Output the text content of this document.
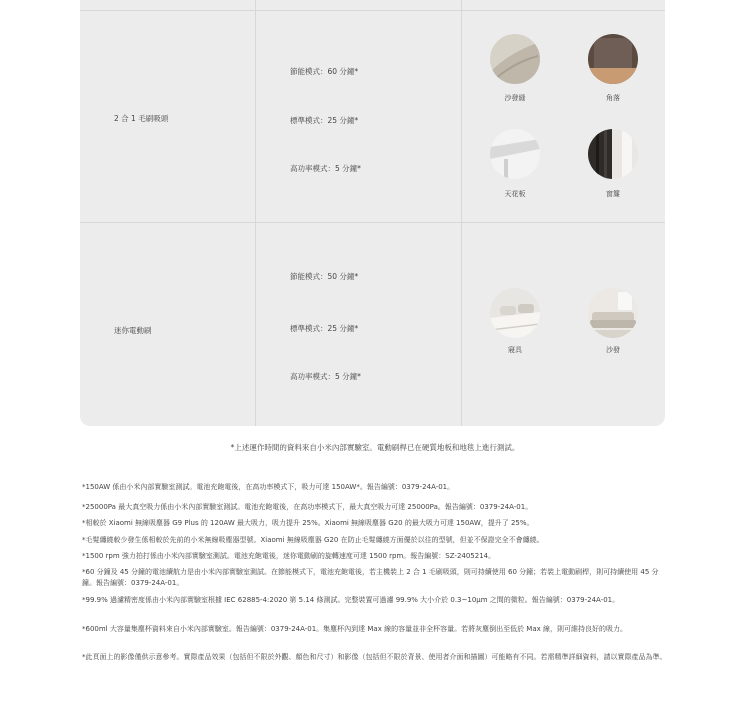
2 合 1 毛刷吸頭
節能模式：60 分鐘*
標準模式：25 分鐘*
高功率模式：5 分鐘*
沙發縫	角落
天花板	窗簾
迷你電動刷
節能模式：50 分鐘*
標準模式：25 分鐘*
高功率模式：5 分鐘*
寢具	沙發
*上述運作時間的資料來自小米內部實驗室。電動刷桿已在硬質地板和地毯上進行測試。
*150AW 係由小米內部實驗室測試。電池充飽電後，在高功率模式下，吸力可達 150AW*。報告編號：0379-24A-01。
*25000Pa 最大真空吸力係由小米內部實驗室測試。電池充飽電後，在高功率模式下，最大真空吸力可達 25000Pa。報告編號：0379-24A-01。
*相較於 Xiaomi 無線吸塵器 G9 Plus 的 120AW 最大吸力，吸力提升 25%。Xiaomi 無線吸塵器 G20 的最大吸力可達 150AW，提升了 25%。
*毛髮纏繞較少發生係相較於先前的小米無線吸塵器型號。Xiaomi 無線吸塵器 G20 在防止毛髮纏繞方面優於以往的型號，但並不保證完全不會纏繞。
*1500 rpm 強力拍打係由小米內部實驗室測試。電池充飽電後，迷你電動刷的旋轉速度可達 1500 rpm。報告編號：SZ-2405214。
*60 分鐘及 45 分鐘的電池續航力是由小米內部實驗室測試。在節能模式下，電池充飽電後，若主機裝上 2 合 1 毛刷吸頭，則可持續使用 60 分鐘；若裝上電動刷桿，則可持續使用 45 分鐘。報告編號：0379-24A-01。
*99.9% 過濾精密度係由小米內部實驗室根據 IEC 62885-4:2020 第 5.14 條測試。完整裝置可過濾 99.9% 大小介於 0.3~10μm 之間的微粒。報告編號：0379-24A-01。
*600ml 大容量集塵杯資料來自小米內部實驗室。報告編號：0379-24A-01。集塵杯內到達 Max 線的容量並非全杯容量。若將灰塵倒出至低於 Max 線，則可維持良好的吸力。
*此頁面上的影像僅供示意參考。實際產品效果（包括但不限於外觀、顏色和尺寸）和影像（包括但不限於背景、使用者介面和描圖）可能略有不同。若需精準詳細資料，請以實際產品為準。
